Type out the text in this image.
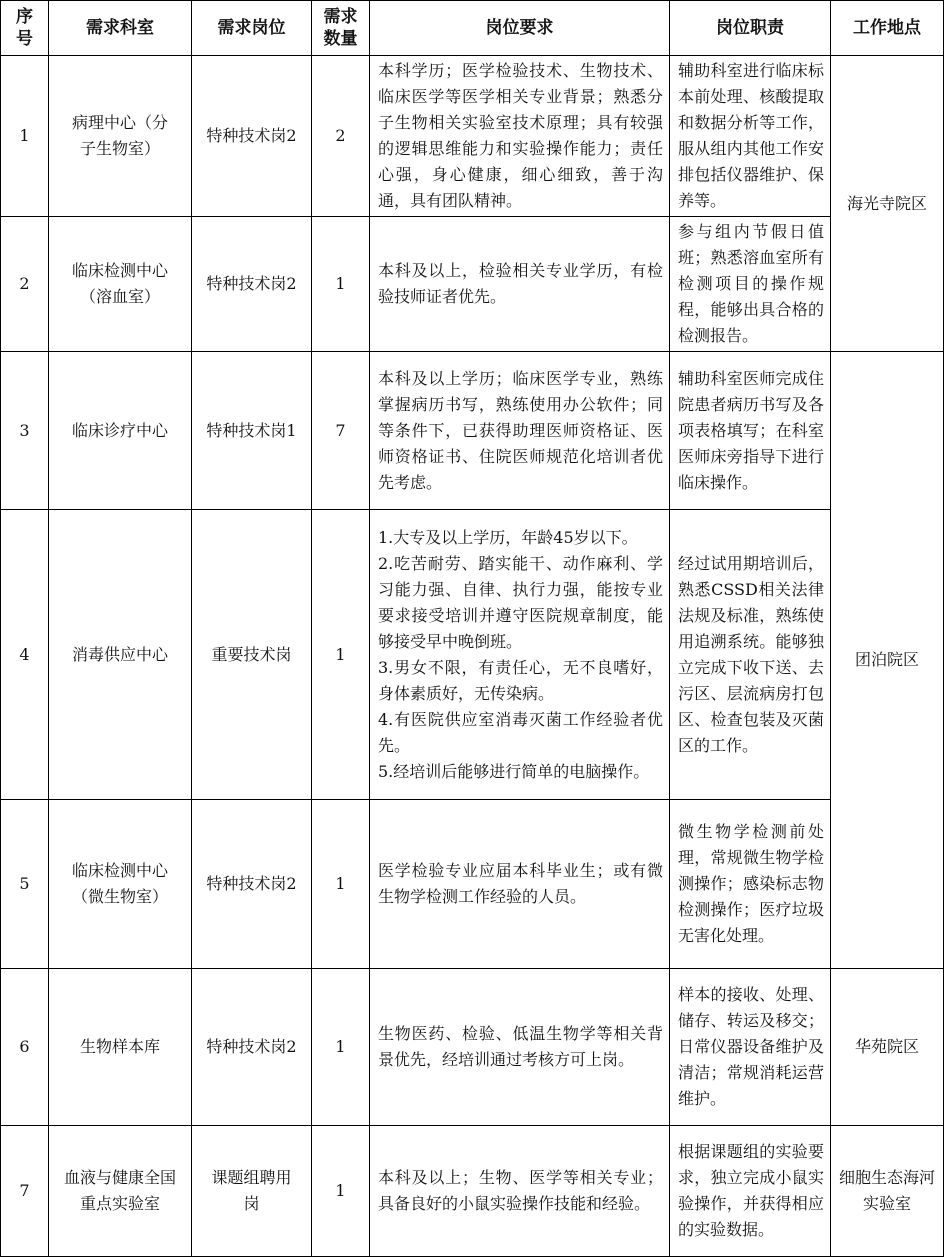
序号	需求科室	需求岗位	需求数量	岗位要求	岗位职责	工作地点
1	病理中心（分子生物室）	特种技术岗2	2	本科学历；医学检验技术、生物技术、临床医学等医学相关专业背景；熟悉分子生物相关实验室技术原理；具有较强的逻辑思维能力和实验操作能力；责任心强，身心健康，细心细致，善于沟通，具有团队精神。	辅助科室进行临床标本前处理、核酸提取和数据分析等工作，服从组内其他工作安排包括仪器维护、保养等。	海光寺院区
2	临床检测中心（溶血室）	特种技术岗2	1	本科及以上，检验相关专业学历，有检验技师证者优先。	参与组内节假日值班；熟悉溶血室所有检测项目的操作规程，能够出具合格的检测报告。	
3	临床诊疗中心	特种技术岗1	7	本科及以上学历；临床医学专业，熟练掌握病历书写，熟练使用办公软件；同等条件下，已获得助理医师资格证、医师资格证书、住院医师规范化培训者优先考虑。	辅助科室医师完成住院患者病历书写及各项表格填写；在科室医师床旁指导下进行临床操作。	团泊院区
4	消毒供应中心	重要技术岗	1	1.大专及以上学历，年龄45岁以下。
2.吃苦耐劳、踏实能干、动作麻利、学习能力强、自律、执行力强，能按专业要求接受培训并遵守医院规章制度，能够接受早中晚倒班。
3.男女不限，有责任心，无不良嗜好，身体素质好，无传染病。
4.有医院供应室消毒灭菌工作经验者优先。
5.经培训后能够进行简单的电脑操作。	经过试用期培训后，熟悉CSSD相关法律法规及标准，熟练使用追溯系统。能够独立完成下收下送、去污区、层流病房打包区、检查包装及灭菌区的工作。	
5	临床检测中心（微生物室）	特种技术岗2	1	医学检验专业应届本科毕业生；或有微生物学检测工作经验的人员。	微生物学检测前处理，常规微生物学检测操作；感染标志物检测操作；医疗垃圾无害化处理。	
6	生物样本库	特种技术岗2	1	生物医药、检验、低温生物学等相关背景优先，经培训通过考核方可上岗。	样本的接收、处理、储存、转运及移交；日常仪器设备维护及清洁；常规消耗运营维护。	华苑院区
7	血液与健康全国重点实验室	课题组聘用岗	1	本科及以上；生物、医学等相关专业；具备良好的小鼠实验操作技能和经验。	根据课题组的实验要求，独立完成小鼠实验操作，并获得相应的实验数据。	细胞生态海河实验室
